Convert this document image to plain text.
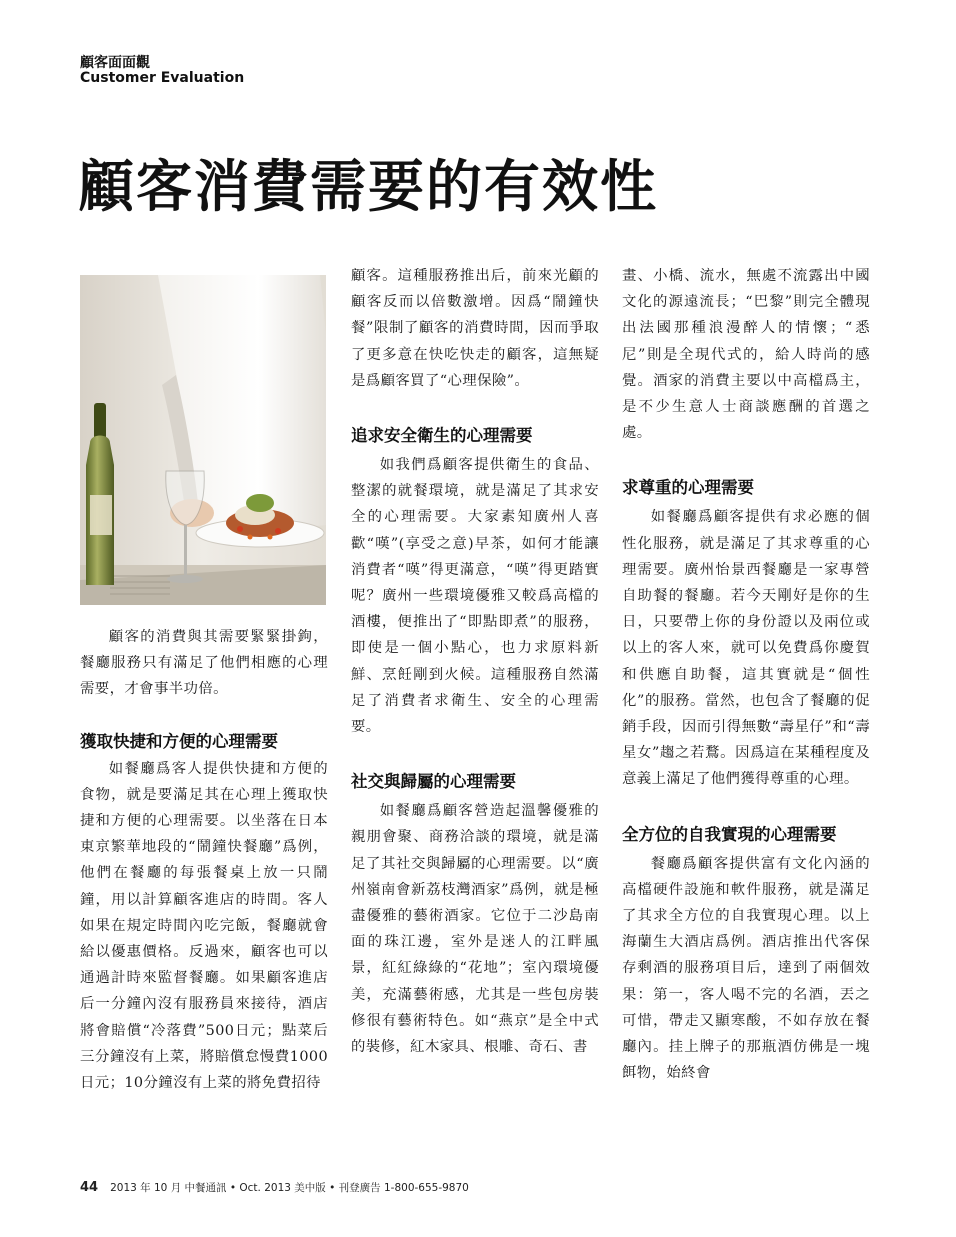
顧客面面觀
Customer Evaluation
顧客消費需要的有效性

顧客的消費與其需要緊緊掛鉤，餐廳服務只有滿足了他們相應的心理需要，才會事半功倍。

獲取快捷和方便的心理需要

如餐廳爲客人提供快捷和方便的食物，就是要滿足其在心理上獲取快捷和方便的心理需要。以坐落在日本東京繁華地段的“鬧鐘快餐廳”爲例，他們在餐廳的每張餐桌上放一只鬧鐘，用以計算顧客進店的時間。客人如果在規定時間內吃完飯，餐廳就會給以優惠價格。反過來，顧客也可以通過計時來監督餐廳。如果顧客進店后一分鐘內沒有服務員來接待，酒店將會賠償“冷落費”500日元；點菜后三分鐘沒有上菜，將賠償怠慢費1000日元；10分鐘沒有上菜的將免費招待

顧客。這種服務推出后，前來光顧的顧客反而以倍數激增。因爲“鬧鐘快餐”限制了顧客的消費時間，因而爭取了更多意在快吃快走的顧客，這無疑是爲顧客買了“心理保險”。

追求安全衛生的心理需要

如我們爲顧客提供衛生的食品、整潔的就餐環境，就是滿足了其求安全的心理需要。大家素知廣州人喜歡“嘆”(享受之意)早茶，如何才能讓消費者“嘆”得更滿意，“嘆”得更踏實呢？廣州一些環境優雅又較爲高檔的酒樓，便推出了“即點即煮”的服務，即使是一個小點心，也力求原料新鮮、烹飪剛到火候。這種服務自然滿足了消費者求衛生、安全的心理需要。

社交與歸屬的心理需要

如餐廳爲顧客營造起溫馨優雅的親朋會聚、商務洽談的環境，就是滿足了其社交與歸屬的心理需要。以“廣州嶺南會新荔枝灣酒家”爲例，就是極盡優雅的藝術酒家。它位于二沙島南面的珠江邊，室外是迷人的江畔風景，紅紅綠綠的“花地”；室內環境優美，充滿藝術感，尤其是一些包房裝修很有藝術特色。如“燕京”是全中式的裝修，紅木家具、根雕、奇石、書

畫、小橋、流水，無處不流露出中國文化的源遠流長；“巴黎”則完全體現出法國那種浪漫醉人的情懷；“悉尼”則是全現代式的，給人時尚的感覺。酒家的消費主要以中高檔爲主，是不少生意人士商談應酬的首選之處。

求尊重的心理需要

如餐廳爲顧客提供有求必應的個性化服務，就是滿足了其求尊重的心理需要。廣州怡景西餐廳是一家專營自助餐的餐廳。若今天剛好是你的生日，只要帶上你的身份證以及兩位或以上的客人來，就可以免費爲你慶賀和供應自助餐，這其實就是“個性化”的服務。當然，也包含了餐廳的促銷手段，因而引得無數“壽星仔”和“壽星女”趨之若鶩。因爲這在某種程度及意義上滿足了他們獲得尊重的心理。

全方位的自我實現的心理需要

餐廳爲顧客提供富有文化內涵的高檔硬件設施和軟件服務，就是滿足了其求全方位的自我實現心理。以上海蘭生大酒店爲例。酒店推出代客保存剩酒的服務項目后，達到了兩個效果：第一，客人喝不完的名酒，丟之可惜，帶走又顯寒酸，不如存放在餐廳內。挂上牌子的那瓶酒仿佛是一塊餌物，始終會

44 2013 年 10 月 中餐通訊 • Oct. 2013 美中版 • 刊登廣告 1-800-655-9870
